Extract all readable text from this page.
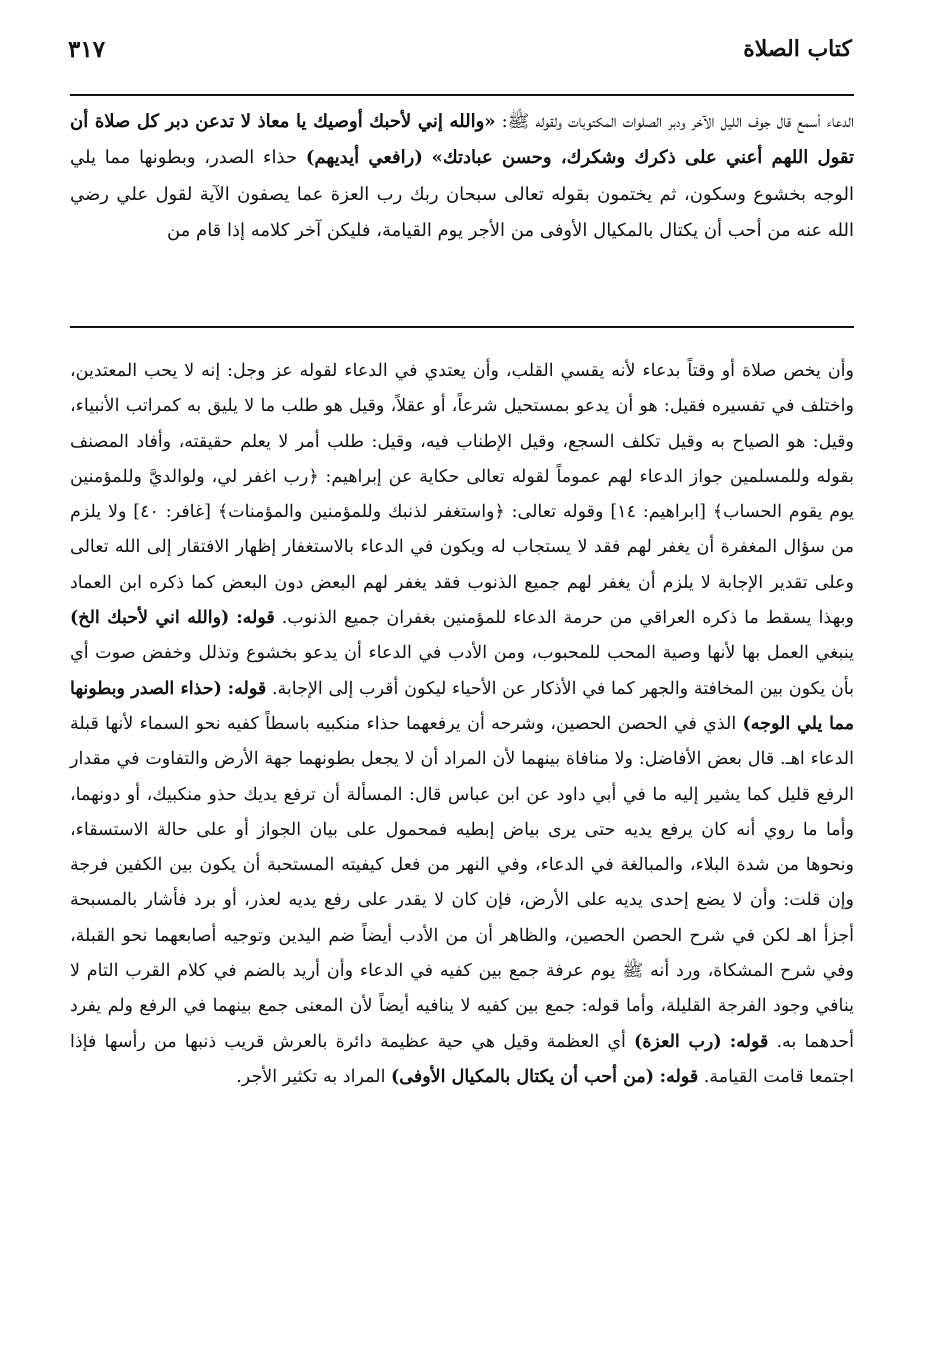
كتاب الصلاة
٣١٧

الدعاء أسمع قال جوف الليل الآخر ودبر الصلوات المكتوبات ولقوله ﷺ: «والله إني لأحبك أوصيك يا معاذ لا تدعن دبر كل صلاة أن تقول اللهم أعني على ذكرك وشكرك، وحسن عبادتك» (رافعي أيديهم) حذاء الصدر، وبطونها مما يلي الوجه بخشوع وسكون، ثم يختمون بقوله تعالى سبحان ربك رب العزة عما يصفون الآية لقول علي رضي الله عنه من أحب أن يكتال بالمكيال الأوفى من الأجر يوم القيامة، فليكن آخر كلامه إذا قام من

وأن يخص صلاة أو وقتاً بدعاء لأنه يقسي القلب، وأن يعتدي في الدعاء لقوله عز وجل: إنه لا يحب المعتدين، واختلف في تفسيره فقيل: هو أن يدعو بمستحيل شرعاً، أو عقلاً، وقيل هو طلب ما لا يليق به كمراتب الأنبياء، وقيل: هو الصياح به وقيل تكلف السجع، وقيل الإطناب فيه، وقيل: طلب أمر لا يعلم حقيقته، وأفاد المصنف بقوله وللمسلمين جواز الدعاء لهم عموماً لقوله تعالى حكاية عن إبراهيم: ﴿رب اغفر لي، ولوالديَّ وللمؤمنين يوم يقوم الحساب﴾ [ابراهيم: ١٤] وقوله تعالى: ﴿واستغفر لذنبك وللمؤمنين والمؤمنات﴾ [غافر: ٤٠] ولا يلزم من سؤال المغفرة أن يغفر لهم فقد لا يستجاب له ويكون في الدعاء بالاستغفار إظهار الافتقار إلى الله تعالى وعلى تقدير الإجابة لا يلزم أن يغفر لهم جميع الذنوب فقد يغفر لهم البعض دون البعض كما ذكره ابن العماد وبهذا يسقط ما ذكره العراقي من حرمة الدعاء للمؤمنين بغفران جميع الذنوب. قوله: (والله اني لأحبك الخ) ينبغي العمل بها لأنها وصية المحب للمحبوب، ومن الأدب في الدعاء أن يدعو بخشوع وتذلل وخفض صوت أي بأن يكون بين المخافتة والجهر كما في الأذكار عن الأحياء ليكون أقرب إلى الإجابة. قوله: (حذاء الصدر وبطونها مما يلي الوجه) الذي في الحصن الحصين، وشرحه أن يرفعهما حذاء منكبيه باسطاً كفيه نحو السماء لأنها قبلة الدعاء اهـ. قال بعض الأفاضل: ولا منافاة بينهما لأن المراد أن لا يجعل بطونهما جهة الأرض والتفاوت في مقدار الرفع قليل كما يشير إليه ما في أبي داود عن ابن عباس قال: المسألة أن ترفع يديك حذو منكبيك، أو دونهما، وأما ما روي أنه كان يرفع يديه حتى يرى بياض إبطيه فمحمول على بيان الجواز أو على حالة الاستسقاء، ونحوها من شدة البلاء، والمبالغة في الدعاء، وفي النهر من فعل كيفيته المستحبة أن يكون بين الكفين فرجة وإن قلت: وأن لا يضع إحدى يديه على الأرض، فإن كان لا يقدر على رفع يديه لعذر، أو برد فأشار بالمسبحة أجزأ اهـ لكن في شرح الحصن الحصين، والظاهر أن من الأدب أيضاً ضم اليدين وتوجيه أصابعهما نحو القبلة، وفي شرح المشكاة، ورد أنه ﷺ يوم عرفة جمع بين كفيه في الدعاء وأن أريد بالضم في كلام القرب التام لا ينافي وجود الفرجة القليلة، وأما قوله: جمع بين كفيه لا ينافيه أيضاً لأن المعنى جمع بينهما في الرفع ولم يفرد أحدهما به. قوله: (رب العزة) أي العظمة وقيل هي حية عظيمة دائرة بالعرش قريب ذنبها من رأسها فإذا اجتمعا قامت القيامة. قوله: (من أحب أن يكتال بالمكيال الأوفى) المراد به تكثير الأجر.
